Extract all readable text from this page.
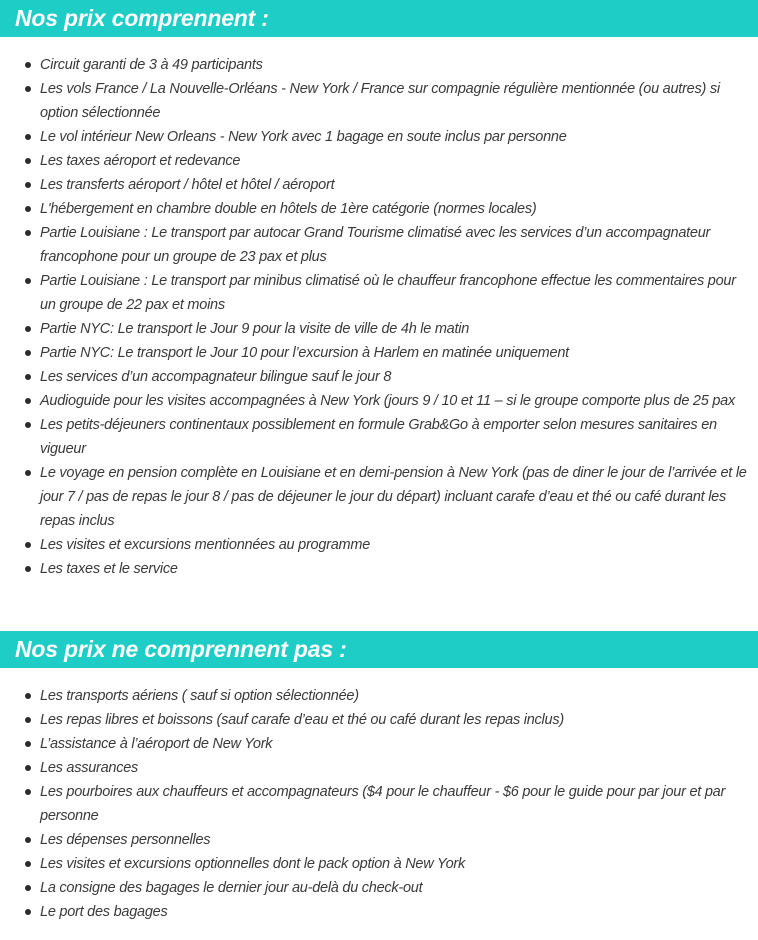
Nos prix comprennent :
Circuit garanti de 3 à 49 participants
Les vols France / La Nouvelle-Orléans - New York / France sur compagnie régulière mentionnée (ou autres) si option sélectionnée
Le vol intérieur New Orleans - New York avec 1 bagage en soute inclus par personne
Les taxes aéroport et redevance
Les transferts aéroport / hôtel et hôtel / aéroport
L'hébergement en chambre double en hôtels de 1ère catégorie (normes locales)
Partie Louisiane : Le transport par autocar Grand Tourisme climatisé avec les services d’un accompagnateur francophone pour un groupe de 23 pax et plus
Partie Louisiane : Le transport par minibus climatisé où le chauffeur francophone effectue les commentaires pour un groupe de 22 pax et moins
Partie NYC: Le transport le Jour 9 pour la visite de ville de 4h le matin
Partie NYC: Le transport le Jour 10 pour l’excursion à Harlem en matinée uniquement
Les services d’un accompagnateur bilingue sauf le jour 8
Audioguide pour les visites accompagnées à New York (jours 9 / 10 et 11 – si le groupe comporte plus de 25 pax
Les petits-déjeuners continentaux possiblement en formule Grab&Go à emporter selon mesures sanitaires en vigueur
Le voyage en pension complète en Louisiane et en demi-pension à New York (pas de diner le jour de l’arrivée et le jour 7 / pas de repas le jour 8 / pas de déjeuner le jour du départ) incluant carafe d’eau et thé ou café durant les repas inclus
Les visites et excursions mentionnées au programme
Les taxes et le service
Nos prix ne comprennent pas :
Les transports aériens ( sauf si option sélectionnée)
Les repas libres et boissons (sauf carafe d’eau et thé ou café durant les repas inclus)
L’assistance à l’aéroport de New York
Les assurances
Les pourboires aux chauffeurs et accompagnateurs ($4 pour le chauffeur - $6 pour le guide pour par jour et par personne
Les dépenses personnelles
Les visites et excursions optionnelles dont le pack option à New York
La consigne des bagages le dernier jour au-delà du check-out
Le port des bagages
